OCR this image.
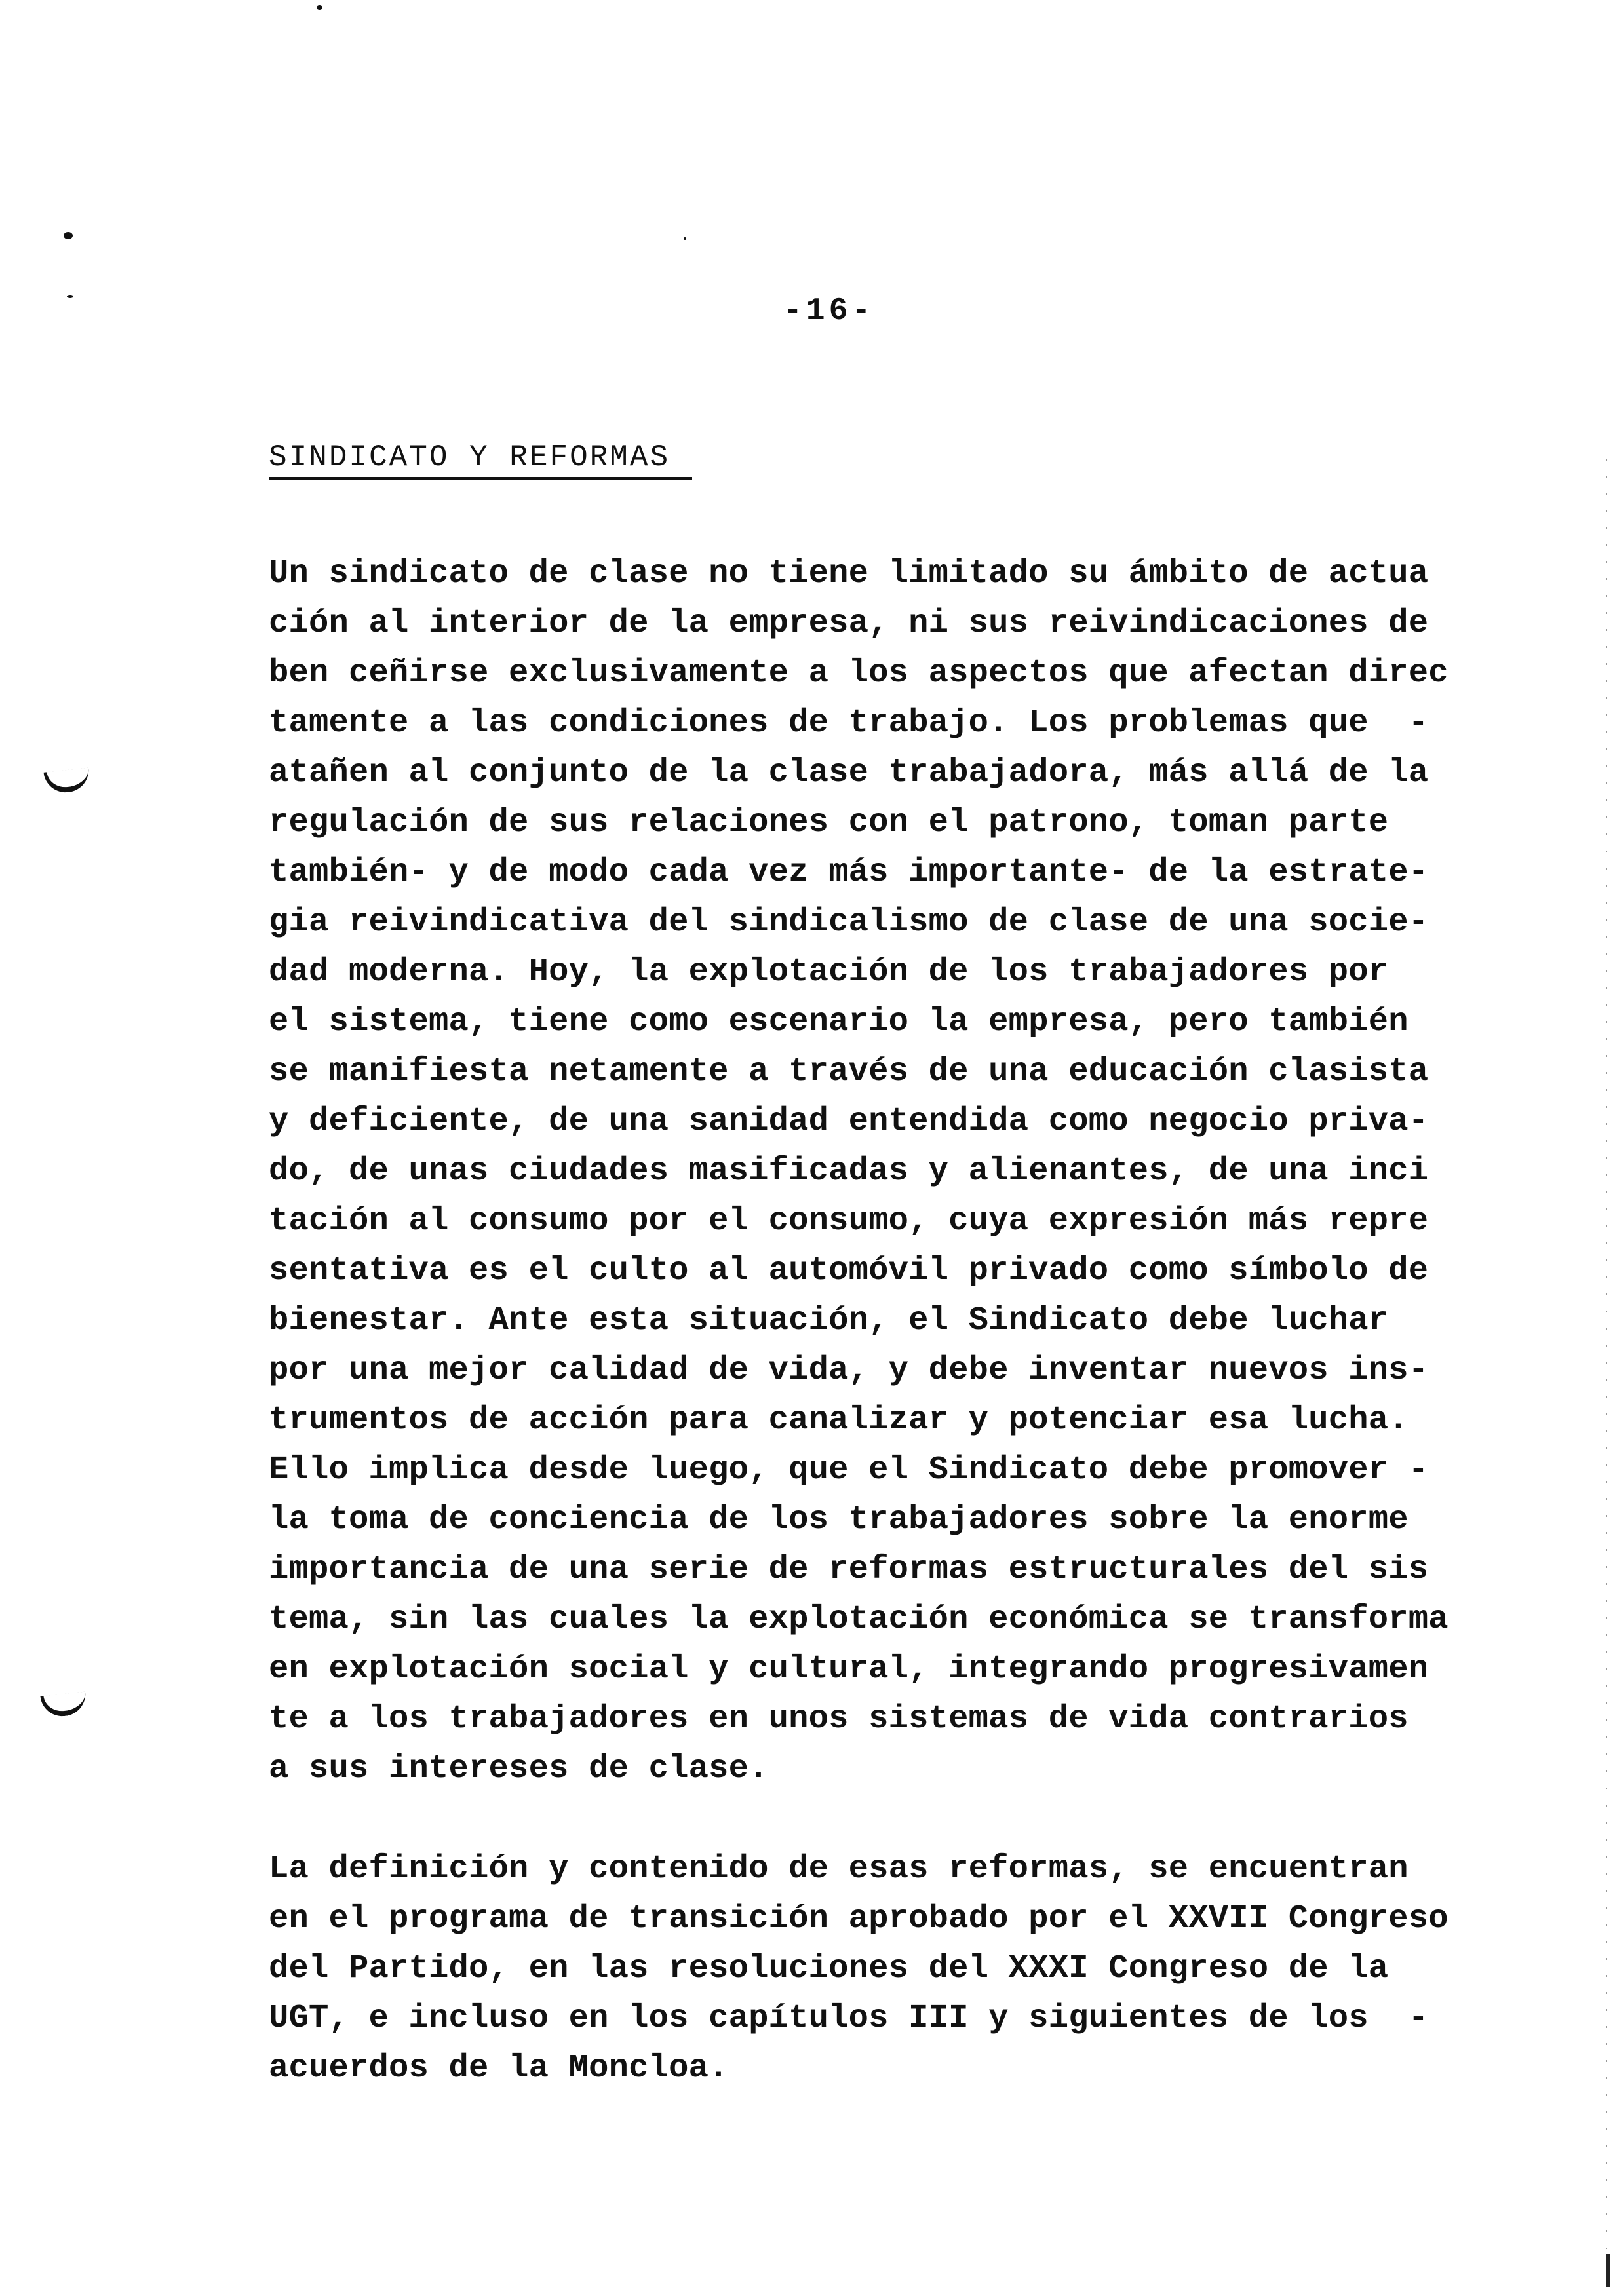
-16-
SINDICATO Y REFORMAS
Un sindicato de clase no tiene limitado su ámbito de actua
ción al interior de la empresa, ni sus reivindicaciones de
ben ceñirse exclusivamente a los aspectos que afectan direc
tamente a las condiciones de trabajo. Los problemas que  -
atañen al conjunto de la clase trabajadora, más allá de la
regulación de sus relaciones con el patrono, toman parte
también- y de modo cada vez más importante- de la estrate-
gia reivindicativa del sindicalismo de clase de una socie-
dad moderna. Hoy, la explotación de los trabajadores por
el sistema, tiene como escenario la empresa, pero también
se manifiesta netamente a través de una educación clasista
y deficiente, de una sanidad entendida como negocio priva-
do, de unas ciudades masificadas y alienantes, de una inci
tación al consumo por el consumo, cuya expresión más repre
sentativa es el culto al automóvil privado como símbolo de
bienestar. Ante esta situación, el Sindicato debe luchar
por una mejor calidad de vida, y debe inventar nuevos ins-
trumentos de acción para canalizar y potenciar esa lucha.
Ello implica desde luego, que el Sindicato debe promover -
la toma de conciencia de los trabajadores sobre la enorme
importancia de una serie de reformas estructurales del sis
tema, sin las cuales la explotación económica se transforma
en explotación social y cultural, integrando progresivamen
te a los trabajadores en unos sistemas de vida contrarios
a sus intereses de clase.
La definición y contenido de esas reformas, se encuentran
en el programa de transición aprobado por el XXVII Congreso
del Partido, en las resoluciones del XXXI Congreso de la
UGT, e incluso en los capítulos III y siguientes de los  -
acuerdos de la Moncloa.
